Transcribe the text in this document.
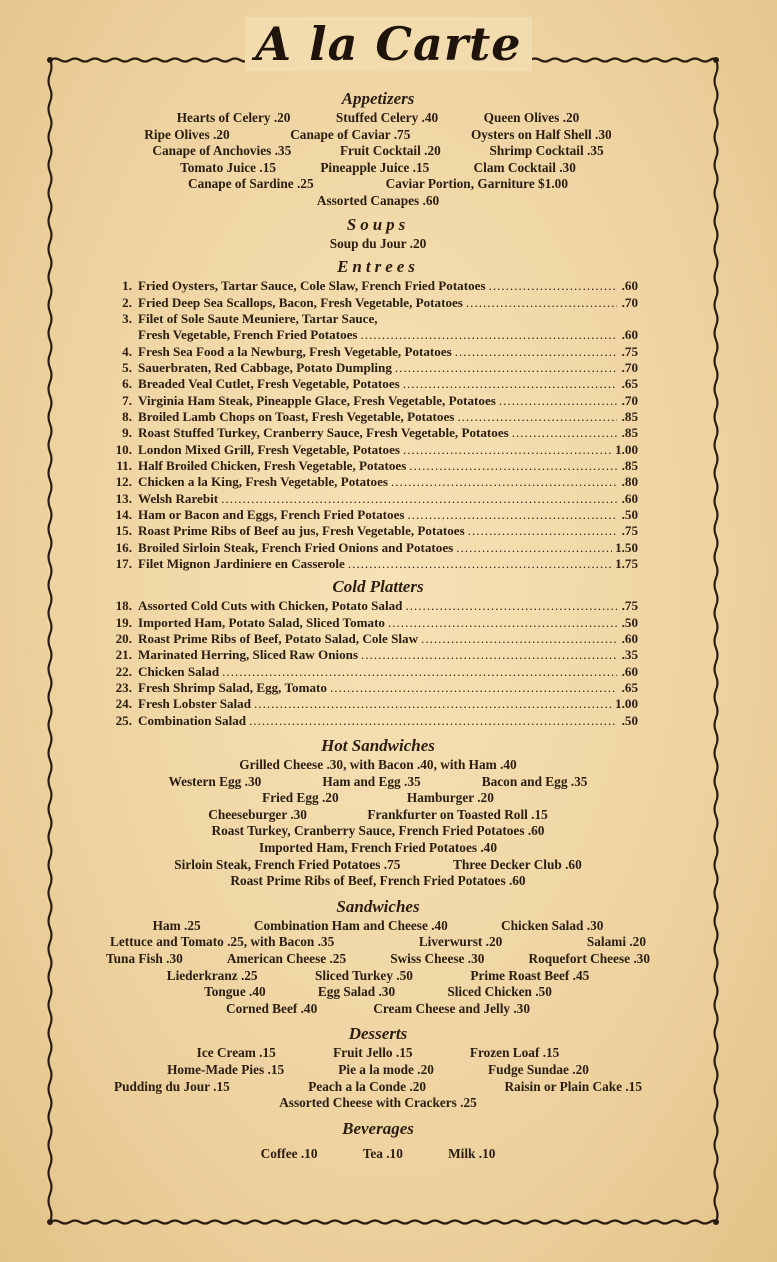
A la Carte
Appetizers
Hearts of Celery .20	Stuffed Celery .40	Queen Olives .20
Ripe Olives .20	Canape of Caviar .75	Oysters on Half Shell .30
Canape of Anchovies .35	Fruit Cocktail .20	Shrimp Cocktail .35
Tomato Juice .15	Pineapple Juice .15	Clam Cocktail .30
Canape of Sardine .25	Caviar Portion, Garniture $1.00
Assorted Canapes .60
Soups
Soup du Jour .20
Entrees
1. Fried Oysters, Tartar Sauce, Cole Slaw, French Fried Potatoes .....	.60
2. Fried Deep Sea Scallops, Bacon, Fresh Vegetable, Potatoes .....	.70
3. Filet of Sole Saute Meuniere, Tartar Sauce,
Fresh Vegetable, French Fried Potatoes .....	.60
4. Fresh Sea Food a la Newburg, Fresh Vegetable, Potatoes .....	.75
5. Sauerbraten, Red Cabbage, Potato Dumpling .....	.70
6. Breaded Veal Cutlet, Fresh Vegetable, Potatoes .....	.65
7. Virginia Ham Steak, Pineapple Glace, Fresh Vegetable, Potatoes .....	.70
8. Broiled Lamb Chops on Toast, Fresh Vegetable, Potatoes .....	.85
9. Roast Stuffed Turkey, Cranberry Sauce, Fresh Vegetable, Potatoes .....	.85
10. London Mixed Grill, Fresh Vegetable, Potatoes .....	1.00
11. Half Broiled Chicken, Fresh Vegetable, Potatoes .....	.85
12. Chicken a la King, Fresh Vegetable, Potatoes .....	.80
13. Welsh Rarebit .....	.60
14. Ham or Bacon and Eggs, French Fried Potatoes .....	.50
15. Roast Prime Ribs of Beef au jus, Fresh Vegetable, Potatoes .....	.75
16. Broiled Sirloin Steak, French Fried Onions and Potatoes .....	1.50
17. Filet Mignon Jardiniere en Casserole .....	1.75
Cold Platters
18. Assorted Cold Cuts with Chicken, Potato Salad .....	.75
19. Imported Ham, Potato Salad, Sliced Tomato .....	.50
20. Roast Prime Ribs of Beef, Potato Salad, Cole Slaw .....	.60
21. Marinated Herring, Sliced Raw Onions .....	.35
22. Chicken Salad .....	.60
23. Fresh Shrimp Salad, Egg, Tomato .....	.65
24. Fresh Lobster Salad .....	1.00
25. Combination Salad .....	.50
Hot Sandwiches
Grilled Cheese .30, with Bacon .40, with Ham .40
Western Egg .30	Ham and Egg .35	Bacon and Egg .35
Fried Egg .20	Hamburger .20
Cheeseburger .30	Frankfurter on Toasted Roll .15
Roast Turkey, Cranberry Sauce, French Fried Potatoes .60
Imported Ham, French Fried Potatoes .40
Sirloin Steak, French Fried Potatoes .75	Three Decker Club .60
Roast Prime Ribs of Beef, French Fried Potatoes .60
Sandwiches
Ham .25	Combination Ham and Cheese .40	Chicken Salad .30
Lettuce and Tomato .25, with Bacon .35	Liverwurst .20	Salami .20
Tuna Fish .30	American Cheese .25	Swiss Cheese .30	Roquefort Cheese .30
Liederkranz .25	Sliced Turkey .50	Prime Roast Beef .45
Tongue .40	Egg Salad .30	Sliced Chicken .50
Corned Beef .40	Cream Cheese and Jelly .30
Desserts
Ice Cream .15	Fruit Jello .15	Frozen Loaf .15
Home-Made Pies .15	Pie a la mode .20	Fudge Sundae .20
Pudding du Jour .15	Peach a la Conde .20	Raisin or Plain Cake .15
Assorted Cheese with Crackers .25
Beverages
Coffee .10	Tea .10	Milk .10
